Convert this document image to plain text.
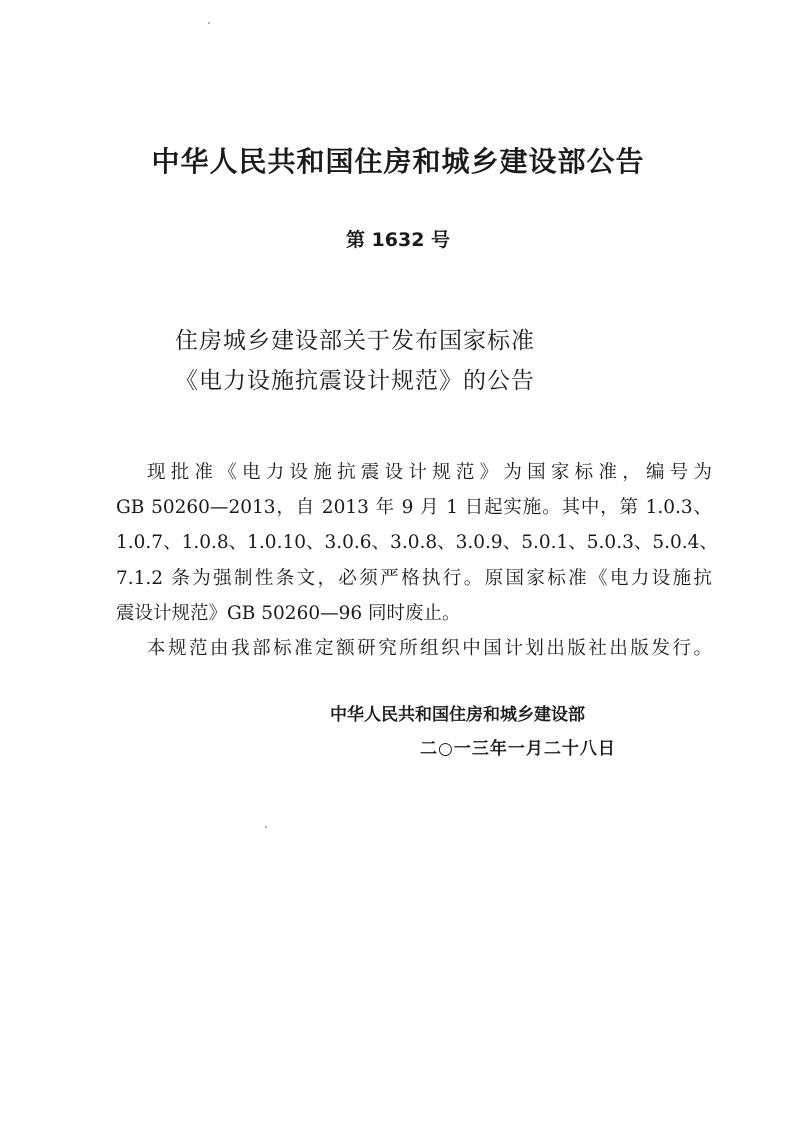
中华人民共和国住房和城乡建设部公告
第 1632 号
住房城乡建设部关于发布国家标准
《电力设施抗震设计规范》的公告
现批准《电力设施抗震设计规范》为国家标准，编号为
GB 50260—2013，自 2013 年 9 月 1 日起实施。其中，第 1.0.3、
1.0.7、1.0.8、1.0.10、3.0.6、3.0.8、3.0.9、5.0.1、5.0.3、5.0.4、
7.1.2 条为强制性条文，必须严格执行。原国家标准《电力设施抗
震设计规范》GB 50260—96 同时废止。
本规范由我部标准定额研究所组织中国计划出版社出版发行。
中华人民共和国住房和城乡建设部
二○一三年一月二十八日
